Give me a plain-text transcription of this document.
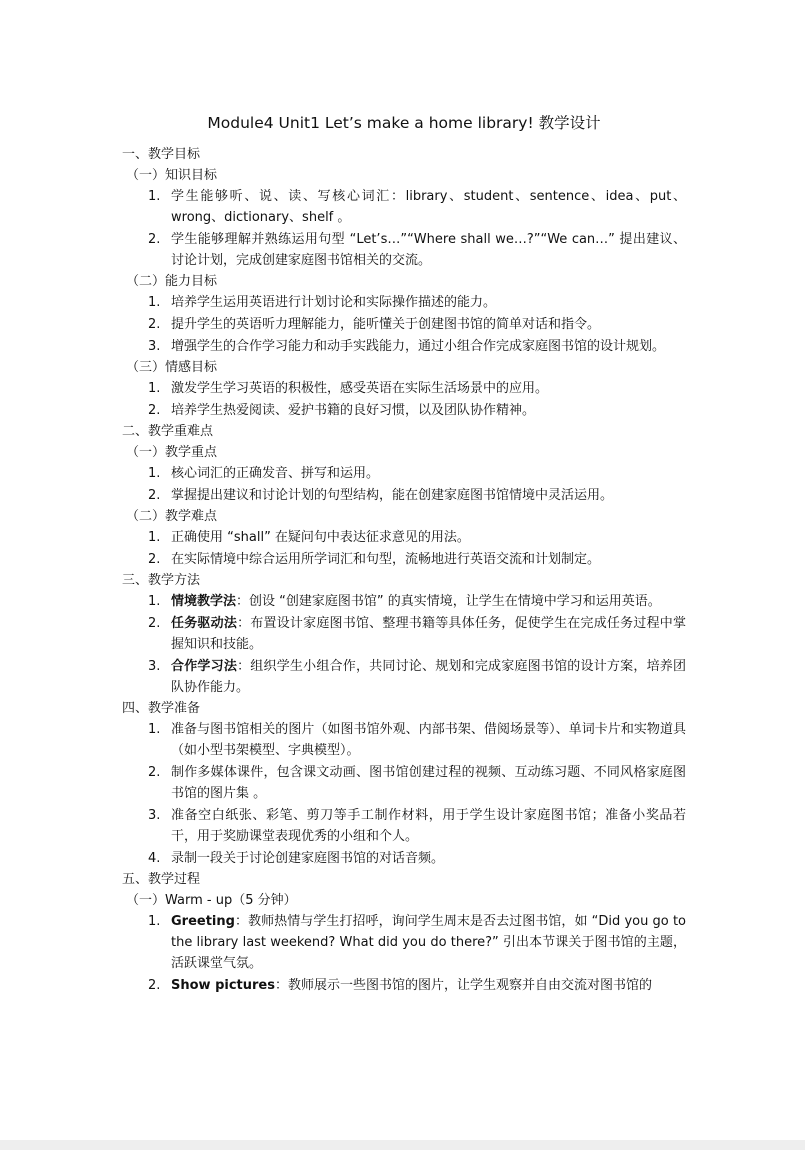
Module4 Unit1 Let’s make a home library! 教学设计
一、教学目标
（一）知识目标
1. 学生能够听、说、读、写核心词汇：library、student、sentence、idea、put、wrong、dictionary、shelf 。
2. 学生能够理解并熟练运用句型 “Let’s…”“Where shall we…?”“We can…” 提出建议、讨论计划，完成创建家庭图书馆相关的交流。
（二）能力目标
1. 培养学生运用英语进行计划讨论和实际操作描述的能力。
2. 提升学生的英语听力理解能力，能听懂关于创建图书馆的简单对话和指令。
3. 增强学生的合作学习能力和动手实践能力，通过小组合作完成家庭图书馆的设计规划。
（三）情感目标
1. 激发学生学习英语的积极性，感受英语在实际生活场景中的应用。
2. 培养学生热爱阅读、爱护书籍的良好习惯，以及团队协作精神。
二、教学重难点
（一）教学重点
1. 核心词汇的正确发音、拼写和运用。
2. 掌握提出建议和讨论计划的句型结构，能在创建家庭图书馆情境中灵活运用。
（二）教学难点
1. 正确使用 “shall” 在疑问句中表达征求意见的用法。
2. 在实际情境中综合运用所学词汇和句型，流畅地进行英语交流和计划制定。
三、教学方法
1. 情境教学法：创设 “创建家庭图书馆” 的真实情境，让学生在情境中学习和运用英语。
2. 任务驱动法：布置设计家庭图书馆、整理书籍等具体任务，促使学生在完成任务过程中掌握知识和技能。
3. 合作学习法：组织学生小组合作，共同讨论、规划和完成家庭图书馆的设计方案，培养团队协作能力。
四、教学准备
1. 准备与图书馆相关的图片（如图书馆外观、内部书架、借阅场景等）、单词卡片和实物道具（如小型书架模型、字典模型）。
2. 制作多媒体课件，包含课文动画、图书馆创建过程的视频、互动练习题、不同风格家庭图书馆的图片集 。
3. 准备空白纸张、彩笔、剪刀等手工制作材料，用于学生设计家庭图书馆；准备小奖品若干，用于奖励课堂表现优秀的小组和个人。
4. 录制一段关于讨论创建家庭图书馆的对话音频。
五、教学过程
（一）Warm - up（5 分钟）
1. Greeting：教师热情与学生打招呼，询问学生周末是否去过图书馆，如 “Did you go to the library last weekend? What did you do there?” 引出本节课关于图书馆的主题，活跃课堂气氛。
2. Show pictures：教师展示一些图书馆的图片，让学生观察并自由交流对图书馆的
